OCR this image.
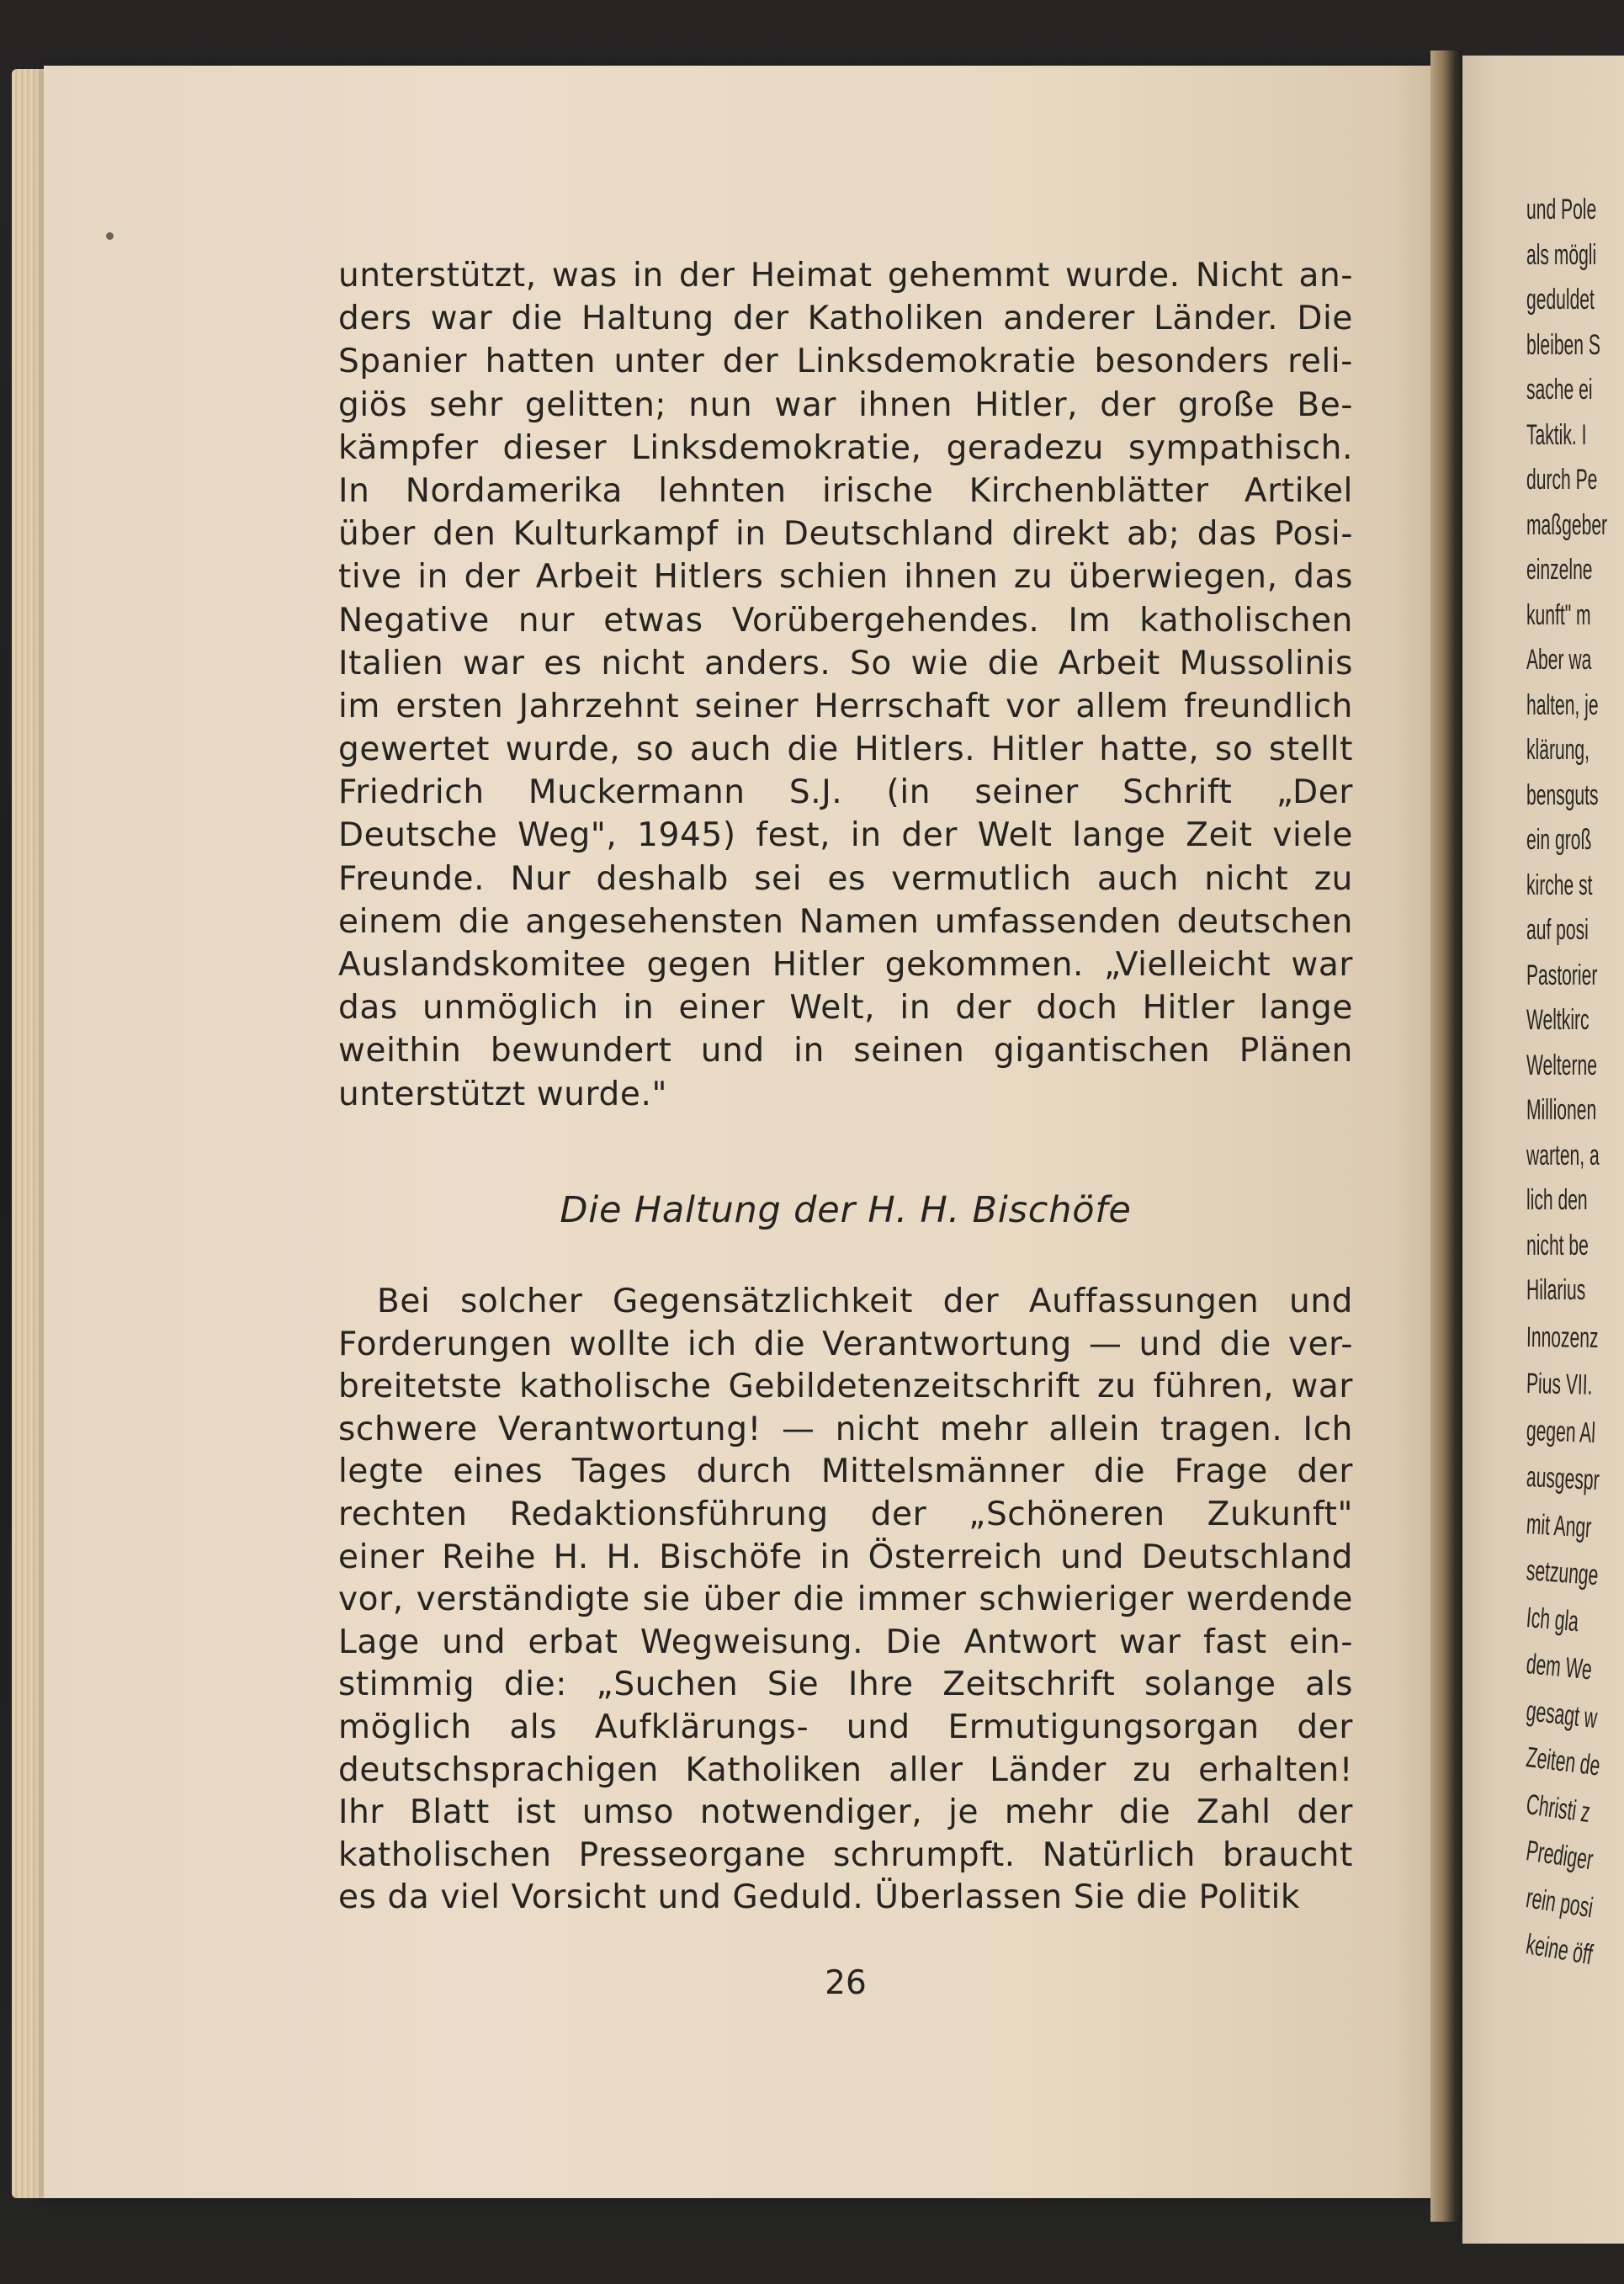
unterstützt, was in der Heimat gehemmt wurde. Nicht an-
ders war die Haltung der Katholiken anderer Länder. Die
Spanier hatten unter der Linksdemokratie besonders reli-
giös sehr gelitten; nun war ihnen Hitler, der große Be-
kämpfer dieser Linksdemokratie, geradezu sympathisch.
In Nordamerika lehnten irische Kirchenblätter Artikel
über den Kulturkampf in Deutschland direkt ab; das Posi-
tive in der Arbeit Hitlers schien ihnen zu überwiegen, das
Negative nur etwas Vorübergehendes. Im katholischen
Italien war es nicht anders. So wie die Arbeit Mussolinis
im ersten Jahrzehnt seiner Herrschaft vor allem freundlich
gewertet wurde, so auch die Hitlers. Hitler hatte, so stellt
Friedrich Muckermann S.J. (in seiner Schrift „Der
Deutsche Weg", 1945) fest, in der Welt lange Zeit viele
Freunde. Nur deshalb sei es vermutlich auch nicht zu
einem die angesehensten Namen umfassenden deutschen
Auslandskomitee gegen Hitler gekommen. „Vielleicht war
das unmöglich in einer Welt, in der doch Hitler lange
weithin bewundert und in seinen gigantischen Plänen
unterstützt wurde."
Die Haltung der H. H. Bischöfe
Bei solcher Gegensätzlichkeit der Auffassungen und
Forderungen wollte ich die Verantwortung — und die ver-
breitetste katholische Gebildetenzeitschrift zu führen, war
schwere Verantwortung! — nicht mehr allein tragen. Ich
legte eines Tages durch Mittelsmänner die Frage der
rechten Redaktionsführung der „Schöneren Zukunft"
einer Reihe H. H. Bischöfe in Österreich und Deutschland
vor, verständigte sie über die immer schwieriger werdende
Lage und erbat Wegweisung. Die Antwort war fast ein-
stimmig die: „Suchen Sie Ihre Zeitschrift solange als
möglich als Aufklärungs- und Ermutigungsorgan der
deutschsprachigen Katholiken aller Länder zu erhalten!
Ihr Blatt ist umso notwendiger, je mehr die Zahl der
katholischen Presseorgane schrumpft. Natürlich braucht
es da viel Vorsicht und Geduld. Überlassen Sie die Politik
26
und Pole
als mögli
geduldet
bleiben S
sache ei
Taktik. I
durch Pe
maßgeber
einzelne
kunft" m
Aber wa
halten, je
klärung,
bensguts
ein groß
kirche st
auf posi
Pastorier
Weltkirc
Welterne
Millionen
warten, a
lich den
nicht be
Hilarius
Innozenz
Pius VII.
gegen Al
ausgespr
mit Angr
setzunge
Ich gla
dem We
gesagt w
Zeiten de
Christi z
Prediger
rein posi
keine öff
